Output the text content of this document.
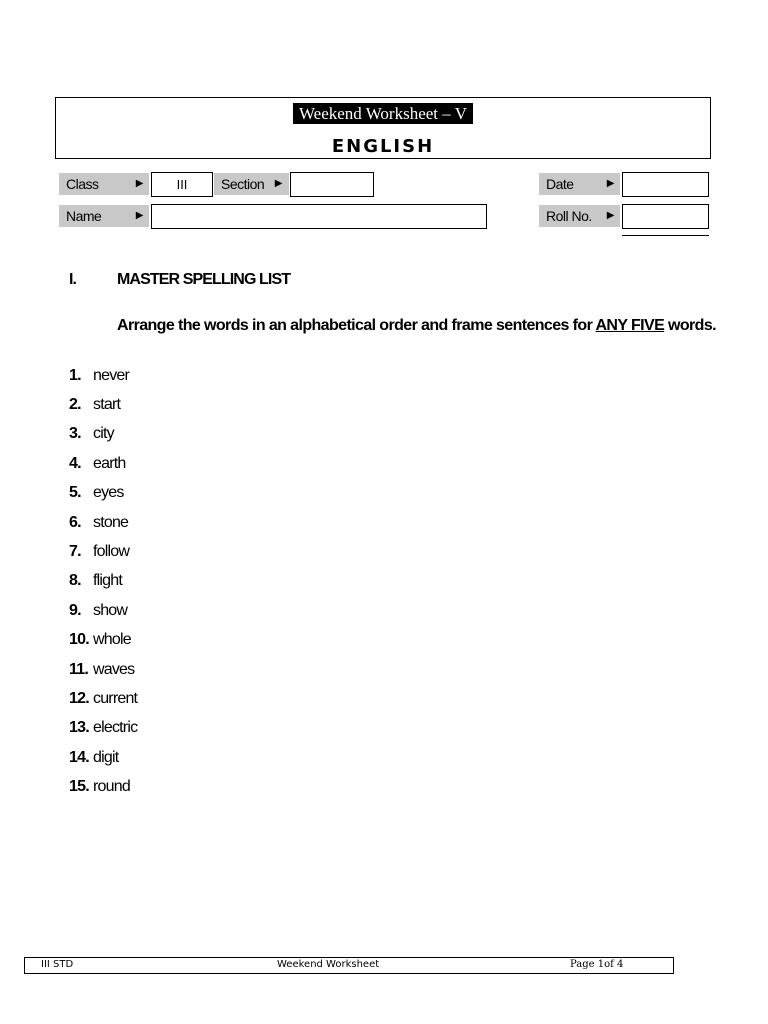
Weekend Worksheet – V
ENGLISH
Class	▶	III	Section ▶	Date	▶
Name	▶	Roll No. ▶
I.	MASTER SPELLING LIST
Arrange the words in an alphabetical order and frame sentences for ANY FIVE words.
1. never
2. start
3. city
4. earth
5. eyes
6. stone
7. follow
8. flight
9. show
10. whole
11. waves
12. current
13. electric
14. digit
15. round
III STD	Weekend Worksheet	Page 1of 4
